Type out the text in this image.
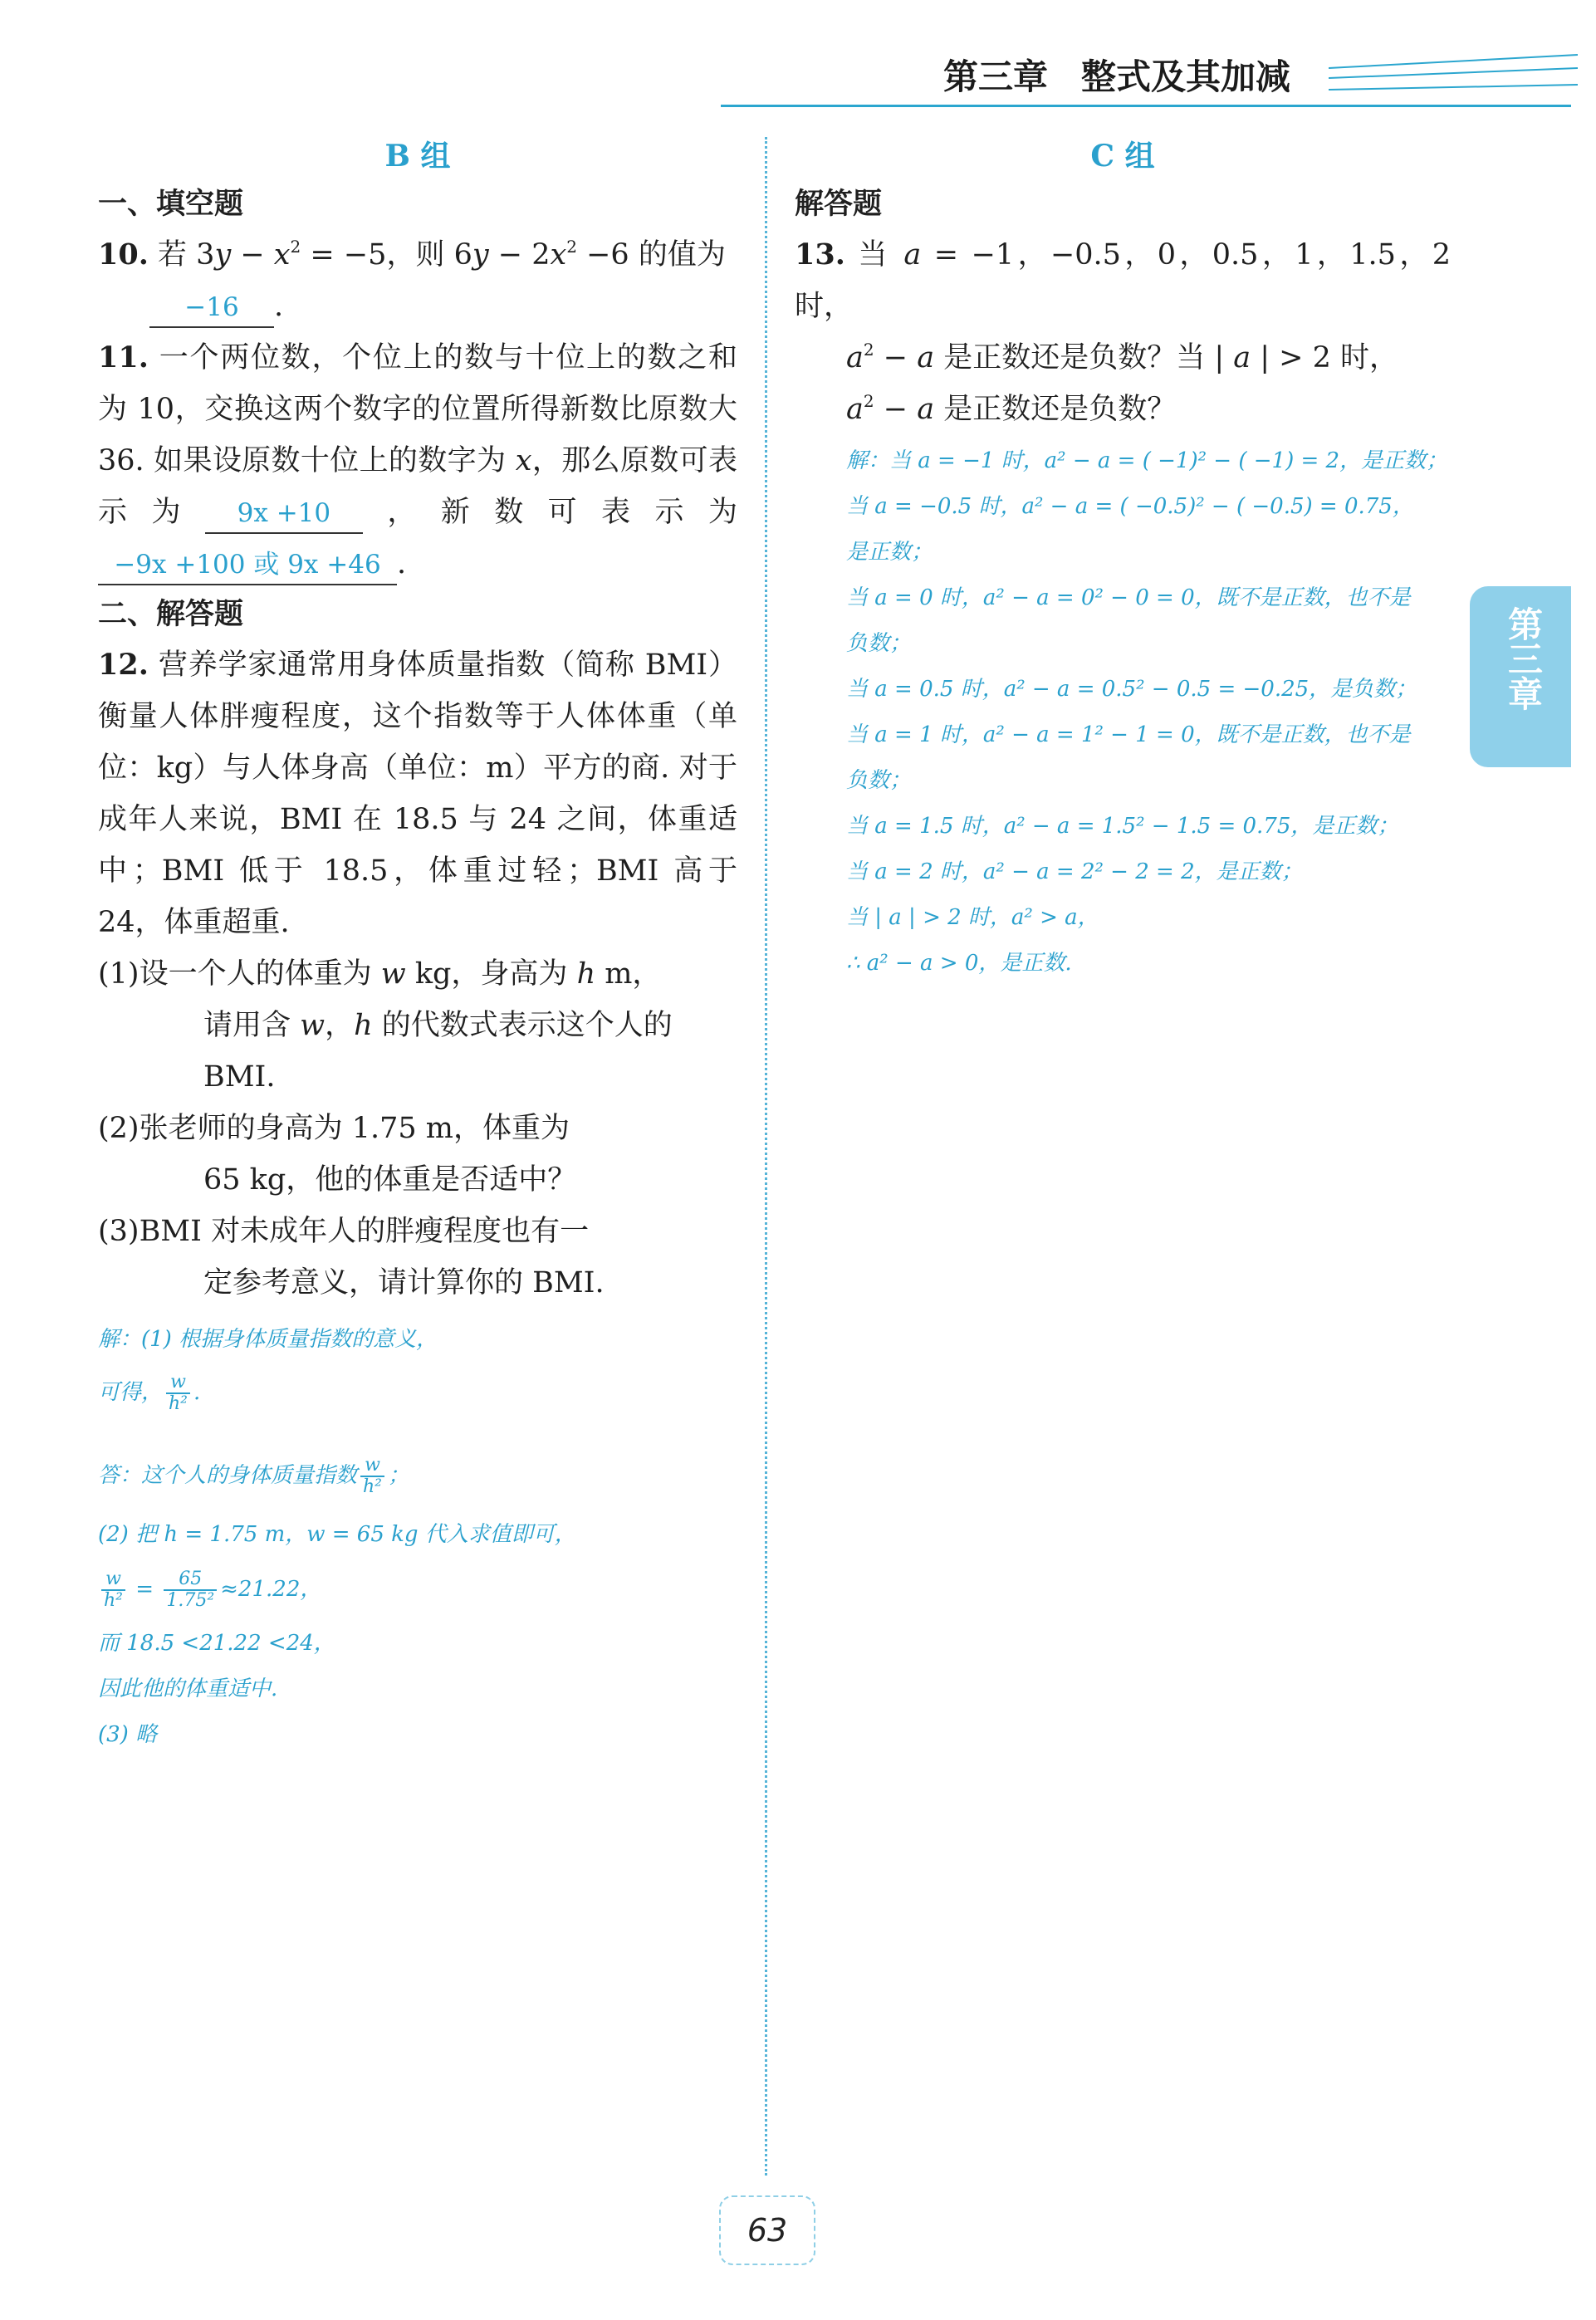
第三章 整式及其加减
第三章
B 组
一、填空题
10. 若 $3y - x^2 = -5$，则 $6y - 2x^2 -6$ 的值为
−16 .
11. 一个两位数，个位上的数与十位上的数之和为 10，交换这两个数字的位置所得新数比原数大 36. 如果设原数十位上的数字为 x，那么原数可表示为 9x +10 ，新数可表示为−9x +100 或 9x +46 .
二、解答题
12. 营养学家通常用身体质量指数（简称 BMI）衡量人体胖瘦程度，这个指数等于人体体重（单位：kg）与人体身高（单位：m）平方的商. 对于成年人来说，BMI 在 18.5 与 24 之间，体重适中；BMI 低于 18.5，体重过轻；BMI 高于 24，体重超重.
(1)设一个人的体重为 w kg，身高为 h m，
请用含 w，h 的代数式表示这个人的 BMI.
(2)张老师的身高为 1.75 m，体重为
65 kg，他的体重是否适中？
(3)BMI 对未成年人的胖瘦程度也有一
定参考意义，请计算你的 BMI.
解：(1) 根据身体质量指数的意义，
可得， $\frac{w}{\text{h²}}$ .
答：这个人的身体质量指数 $\frac{w}{\text{h²}}$ ；
(2) 把 h = 1.75 m，w = 65 kg 代入求值即可，
$\frac{w}{\text{h²}} = \frac{65}{\text{1.75²}} \approx 21.22$，
而 18.5 <21.22 <24，
因此他的体重适中.
(3) 略
C 组
解答题
13. 当 a = −1，−0.5，0，0.5，1，1.5，2 时，
$a^2 - a$ 是正数还是负数？当 | a | > 2 时，
$a^2 - a$ 是正数还是负数？
解：当 a = −1 时，a² − a = ( −1)² − ( −1) = 2，是正数；
当 a = −0.5 时，a² − a = ( −0.5)² − ( −0.5) = 0.75，
是正数；
当 a = 0 时，a² − a = 0² − 0 = 0，既不是正数，也不是
负数；
当 a = 0.5 时，a² − a = 0.5² − 0.5 = −0.25，是负数；
当 a = 1 时，a² − a = 1² − 1 = 0，既不是正数，也不是
负数；
当 a = 1.5 时，a² − a = 1.5² − 1.5 = 0.75，是正数；
当 a = 2 时，a² − a = 2² − 2 = 2，是正数；
当 | a | > 2 时，a² > a，
∴ a² − a > 0，是正数.
63
